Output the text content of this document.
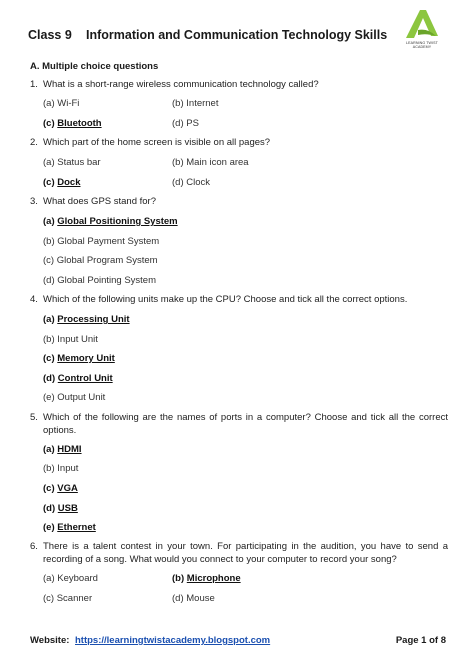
Class 9 Information and Communication Technology Skills
LEARNING TWIST ACADEMY
A. Multiple choice questions
1. What is a short-range wireless communication technology called?
(a) Wi-Fi	(b) Internet
(c) Bluetooth	(d) PS
2. Which part of the home screen is visible on all pages?
(a) Status bar	(b) Main icon area
(c) Dock	(d) Clock
3. What does GPS stand for?
(a) Global Positioning System
(b) Global Payment System
(c) Global Program System
(d) Global Pointing System
4. Which of the following units make up the CPU? Choose and tick all the correct options.
(a) Processing Unit
(b) Input Unit
(c) Memory Unit
(d) Control Unit
(e) Output Unit
5. Which of the following are the names of ports in a computer? Choose and tick all the correct options.
(a) HDMI
(b) Input
(c) VGA
(d) USB
(e) Ethernet
6. There is a talent contest in your town. For participating in the audition, you have to send a recording of a song. What would you connect to your computer to record your song?
(a) Keyboard	(b) Microphone
(c) Scanner	(d) Mouse
Website: https://learningtwistacademy.blogspot.com	Page 1 of 8
